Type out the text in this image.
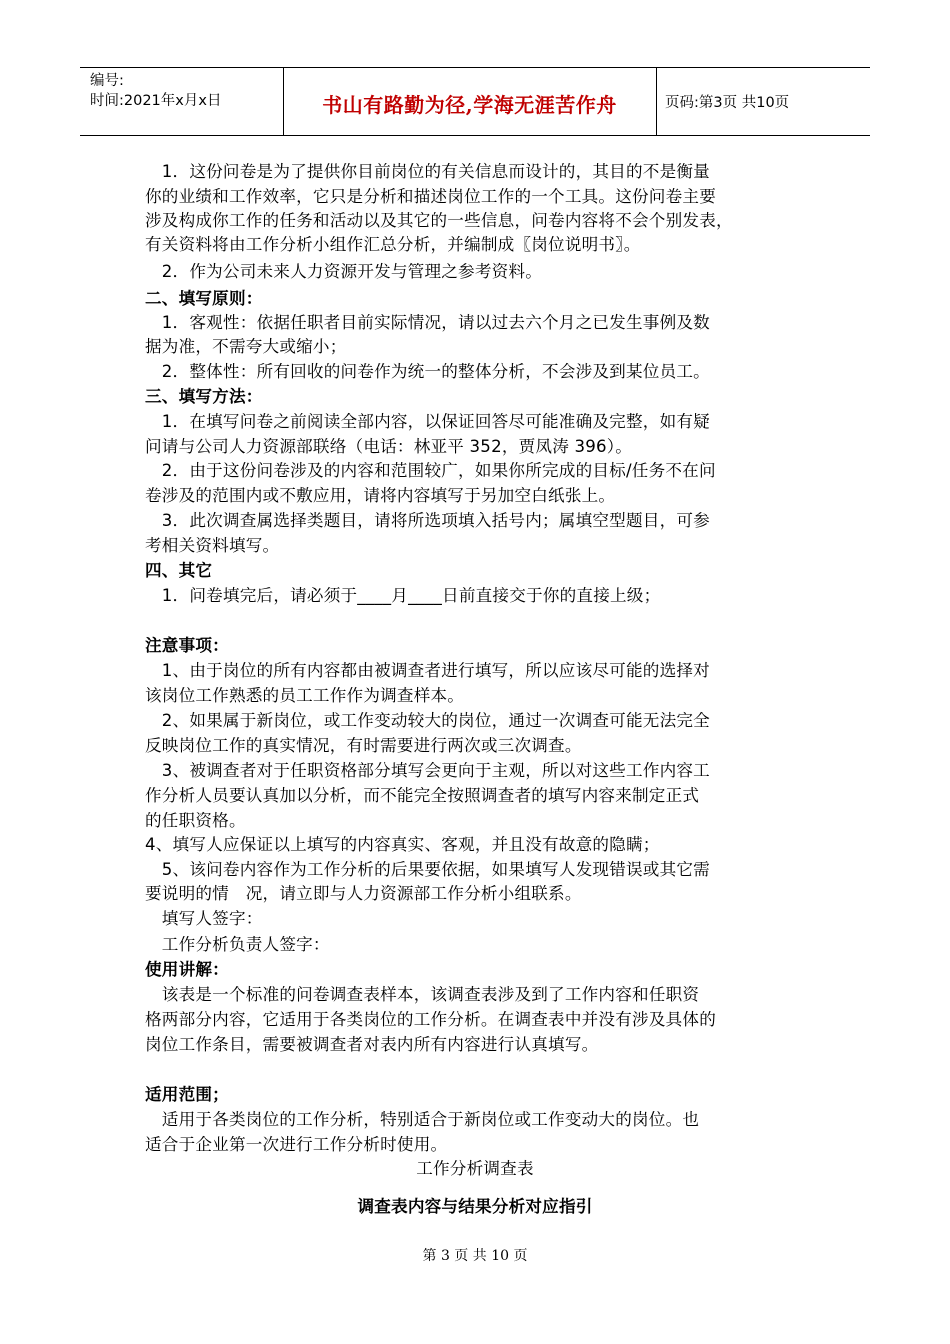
编号:
时间:2021年x月x日	书山有路勤为径,学海无涯苦作舟	页码:第3页 共10页
　1．这份问卷是为了提供你目前岗位的有关信息而设计的，其目的不是衡量
你的业绩和工作效率，它只是分析和描述岗位工作的一个工具。这份问卷主要
涉及构成你工作的任务和活动以及其它的一些信息，问卷内容将不会个别发表，
有关资料将由工作分析小组作汇总分析，并编制成〖岗位说明书〗。
　2．作为公司未来人力资源开发与管理之参考资料。
二、填写原则：
　1．客观性：依据任职者目前实际情况，请以过去六个月之已发生事例及数
据为准，不需夸大或缩小；
　2．整体性：所有回收的问卷作为统一的整体分析，不会涉及到某位员工。
三、填写方法：
　1．在填写问卷之前阅读全部内容，以保证回答尽可能准确及完整，如有疑
问请与公司人力资源部联络（电话：林亚平 352，贾凤涛 396）。
　2．由于这份问卷涉及的内容和范围较广，如果你所完成的目标/任务不在问
卷涉及的范围内或不敷应用，请将内容填写于另加空白纸张上。
　3．此次调查属选择类题目，请将所选项填入括号内；属填空型题目，可参
考相关资料填写。
四、其它
　1．问卷填完后，请必须于____月____日前直接交于你的直接上级；
注意事项：
　1、由于岗位的所有内容都由被调查者进行填写，所以应该尽可能的选择对
该岗位工作熟悉的员工工作作为调查样本。
　2、如果属于新岗位，或工作变动较大的岗位，通过一次调查可能无法完全
反映岗位工作的真实情况，有时需要进行两次或三次调查。
　3、被调查者对于任职资格部分填写会更向于主观，所以对这些工作内容工
作分析人员要认真加以分析，而不能完全按照调查者的填写内容来制定正式
的任职资格。
4、填写人应保证以上填写的内容真实、客观，并且没有故意的隐瞒；
　5、该问卷内容作为工作分析的后果要依据，如果填写人发现错误或其它需
要说明的情　况，请立即与人力资源部工作分析小组联系。
　填写人签字：
　工作分析负责人签字：
使用讲解：
　该表是一个标准的问卷调查表样本，该调查表涉及到了工作内容和任职资
格两部分内容，它适用于各类岗位的工作分析。在调查表中并没有涉及具体的
岗位工作条目，需要被调查者对表内所有内容进行认真填写。
适用范围；
　适用于各类岗位的工作分析，特别适合于新岗位或工作变动大的岗位。也
适合于企业第一次进行工作分析时使用。
工作分析调查表
调查表内容与结果分析对应指引
第 3 页 共 10 页
